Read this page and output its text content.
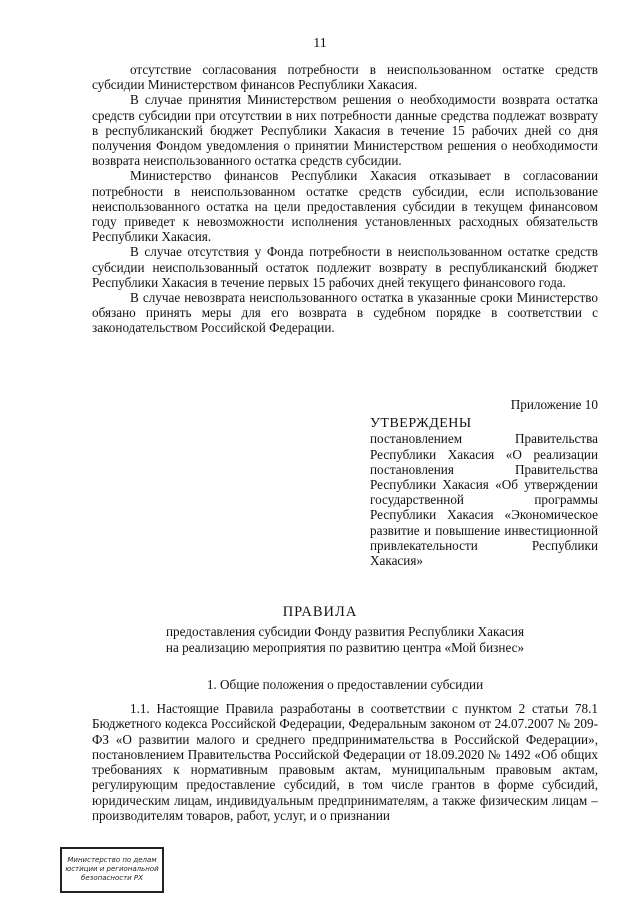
11

отсутствие согласования потребности в неиспользованном остатке средств субсидии Министерством финансов Республики Хакасия.

В случае принятия Министерством решения о необходимости возврата остатка средств субсидии при отсутствии в них потребности данные средства подлежат возврату в республиканский бюджет Республики Хакасия в течение 15 рабочих дней со дня получения Фондом уведомления о принятии Министерством решения о необходимости возврата неиспользованного остатка средств субсидии.

Министерство финансов Республики Хакасия отказывает в согласовании потребности в неиспользованном остатке средств субсидии, если использование неиспользованного остатка на цели предоставления субсидии в текущем финансовом году приведет к невозможности исполнения установленных расходных обязательств Республики Хакасия.

В случае отсутствия у Фонда потребности в неиспользованном остатке средств субсидии неиспользованный остаток подлежит возврату в республиканский бюджет Республики Хакасия в течение первых 15 рабочих дней текущего финансового года.

В случае невозврата неиспользованного остатка в указанные сроки Министерство обязано принять меры для его возврата в судебном порядке в соответствии с законодательством Российской Федерации.

Приложение 10
УТВЕРЖДЕНЫ
постановлением Правительства Республики Хакасия «О реализации постановления Правительства Республики Хакасия «Об утверждении государственной программы Республики Хакасия «Экономическое развитие и повышение инвестиционной привлекательности Республики Хакасия»
ПРАВИЛА
предоставления субсидии Фонду развития Республики Хакасия
на реализацию мероприятия по развитию центра «Мой бизнес»
1. Общие положения о предоставлении субсидии

1.1. Настоящие Правила разработаны в соответствии с пунктом 2 статьи 78.1 Бюджетного кодекса Российской Федерации, Федеральным законом от 24.07.2007 № 209-ФЗ «О развитии малого и среднего предпринимательства в Российской Федерации», постановлением Правительства Российской Федерации от 18.09.2020 № 1492 «Об общих требованиях к нормативным правовым актам, муниципальным правовым актам, регулирующим предоставление субсидий, в том числе грантов в форме субсидий, юридическим лицам, индивидуальным предпринимателям, а также физическим лицам – производителям товаров, работ, услуг, и о признании

Министерство по делам
юстиции и региональной
безопасности РХ
